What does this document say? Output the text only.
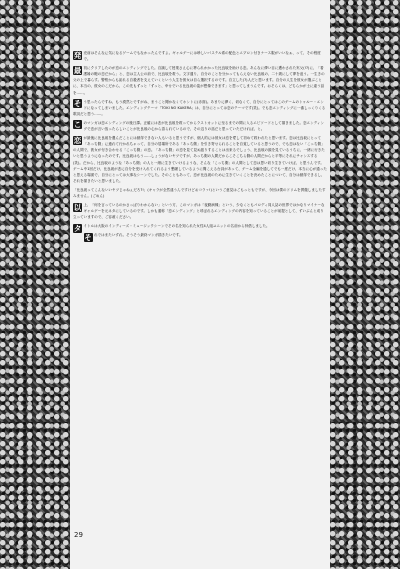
発 売前はそんなに気になるゲームでもなかったんですよ。ギャルゲーには珍しいパステル系の配色とエプロン付きナース服がいいなぁ、って、その程度で。

最 初にクリアしたのが恋のエンディングでした。自滅して授業さえ心に葬られかかった比良坂を助ける恋。あんなに儚い目に遭わされた実父(!?)に、「看護婦の鞄の恋だから」と、恋は主人公の前で、比良坂を救う。文字通り、自分のことを分かってもらえない比良坂の、二十歳にして夢を追う。一生きの父の上で暮らす。警察からも訪れる自殺者を支えていくという人生を彼女は自ら選択するのです。自立した(?)人だと思います。自分の人生を彼女が選ぶことに、本当の、彼女のこだから、この先もずっと「ずっと、幸せでいる比良坂の姿が想像できます」と思ってしまうんです。おそらくは、どちらかが士に違う話を……。

そ う思ったらですね、もう漠然とですがね、まうこと聞かなくてホントに(赤面)。あまりに儚く、切なくて、自分にとってはこのゲームのトゥルー・エンドになってしまいました。エンディングテーマ「TOKI NO KAKERA」は、自分にとっては恋のテーマです(笑)。でも恋エンディングに一番しっくりくる歌詞だと思う……。

こ のマンガは恋エンディングの後日譚。正確には恋が比良坂を救ってからラストカットに至るまでの間に入るエピソードとして描きました。恋エンディングで恋が言い放ったらしいことが比良坂の心から語られているので、その辺りの話だと思っていただければ、と。

恋 が最後に比良坂を選んだことには納得できない人もいると思うですが、個人的には彼女は恋を愛して初めて救われたと思います。恋は比良坂にとって「あっち側」に連れて行かれちゃって、自分の居場所である「あっち側」を引き寄せられることを自覚していると思うので、でも恋はない「こっち側」の人間で、彼女が付き合わせる「こっち側」の恋。「あっち側」の恋を見て見ぬ振りすることは出来るでしょう、比良坂の顔を見ているうちに、一緒に行きたいと思うようになったのです。比良坂はもう……しょうがないヤツですが、あっち側の人間だからこそこちら側の人間だからと平等にそれにチャンスする(笑)。だから、比良坂のような「あっち側」の人と一緒に生きていけるような、そんな「こっち側」の人間として恋は思い切り生きていけば、と思うんです。ゲーム中1回だけ、比良坂が恋に自分を受け入れてくれるよう懇願しているように聞こえる台詞があって、ゲーム全編を通してでも一度だけ、本当に心が通ったと思える場面で、自分にとっては大事なシーンでした。そのこともあって、恋が比良坂のために生きていくことを決めたことについて、自分は納得できるし、それを描きたいと思いました。

「比良坂ってこんないいヤツじゃねぇだろ?!」(キャラが全然違うんですけどおコラァ!)というご意見はごもっともですが、今回は僕のドリムを貫徹しましたすみません。(ごめん)

以 上、「何を言っているのかさっぱりわからない」という方、このマンガは「夜勤病棟」という、少なくともパロディ同人誌の世界ではかなりマイナーなギャルゲーを元ネタにしているのです。しかも通称「恋エンディング」と呼ばれるエンディングの内容を知っていることが前提として、ずいぶんと成り立っていますので、ご容赦ください。

タ イトルは大阪のインディーズ・ミュージックシーンでその名を知られた女性4人組ユニットの名前から拝借しました。

そ れではまたいずれ。そうそう最終マンガ描きたいです。

29
